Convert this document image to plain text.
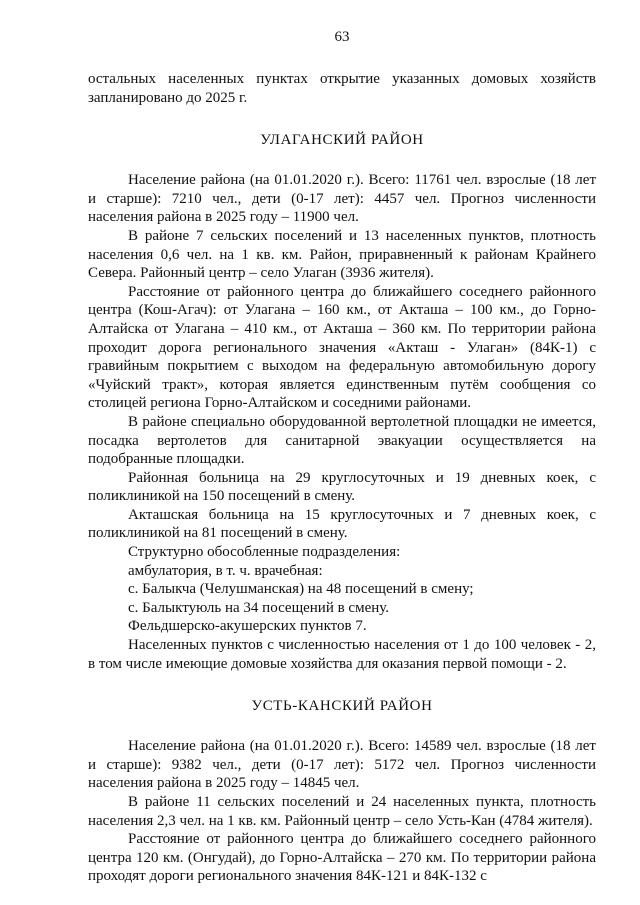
63

остальных населенных пунктах открытие указанных домовых хозяйств запланировано до 2025 г.

УЛАГАНСКИЙ РАЙОН

Население района (на 01.01.2020 г.). Всего: 11761 чел. взрослые (18 лет и старше): 7210 чел., дети (0-17 лет): 4457 чел. Прогноз численности населения района в 2025 году – 11900 чел.

В районе 7 сельских поселений и 13 населенных пунктов, плотность населения 0,6 чел. на 1 кв. км. Район, приравненный к районам Крайнего Севера. Районный центр – село Улаган (3936 жителя).

Расстояние от районного центра до ближайшего соседнего районного центра (Кош-Агач): от Улагана – 160 км., от Акташа – 100 км., до Горно-Алтайска от Улагана – 410 км., от Акташа – 360 км. По территории района проходит дорога регионального значения «Акташ - Улаган» (84К-1) с гравийным покрытием с выходом на федеральную автомобильную дорогу «Чуйский тракт», которая является единственным путём сообщения со столицей региона Горно-Алтайском и соседними районами.

В районе специально оборудованной вертолетной площадки не имеется, посадка вертолетов для санитарной эвакуации осуществляется на подобранные площадки.

Районная больница на 29 круглосуточных и 19 дневных коек, с поликлиникой на 150 посещений в смену.

Акташская больница на 15 круглосуточных и 7 дневных коек, с поликлиникой на 81 посещений в смену.

Структурно обособленные подразделения:

амбулатория, в т. ч. врачебная:

с. Балыкча (Челушманская) на 48 посещений в смену;

с. Балыктуюль на 34 посещений в смену.

Фельдшерско-акушерских пунктов 7.

Населенных пунктов с численностью населения от 1 до 100 человек - 2, в том числе имеющие домовые хозяйства для оказания первой помощи - 2.

УСТЬ-КАНСКИЙ РАЙОН

Население района (на 01.01.2020 г.). Всего: 14589 чел. взрослые (18 лет и старше): 9382 чел., дети (0-17 лет): 5172 чел. Прогноз численности населения района в 2025 году – 14845 чел.

В районе 11 сельских поселений и 24 населенных пункта, плотность населения 2,3 чел. на 1 кв. км. Районный центр – село Усть-Кан (4784 жителя).

Расстояние от районного центра до ближайшего соседнего районного центра 120 км. (Онгудай), до Горно-Алтайска – 270 км. По территории района проходят дороги регионального значения 84К-121 и 84К-132 с
